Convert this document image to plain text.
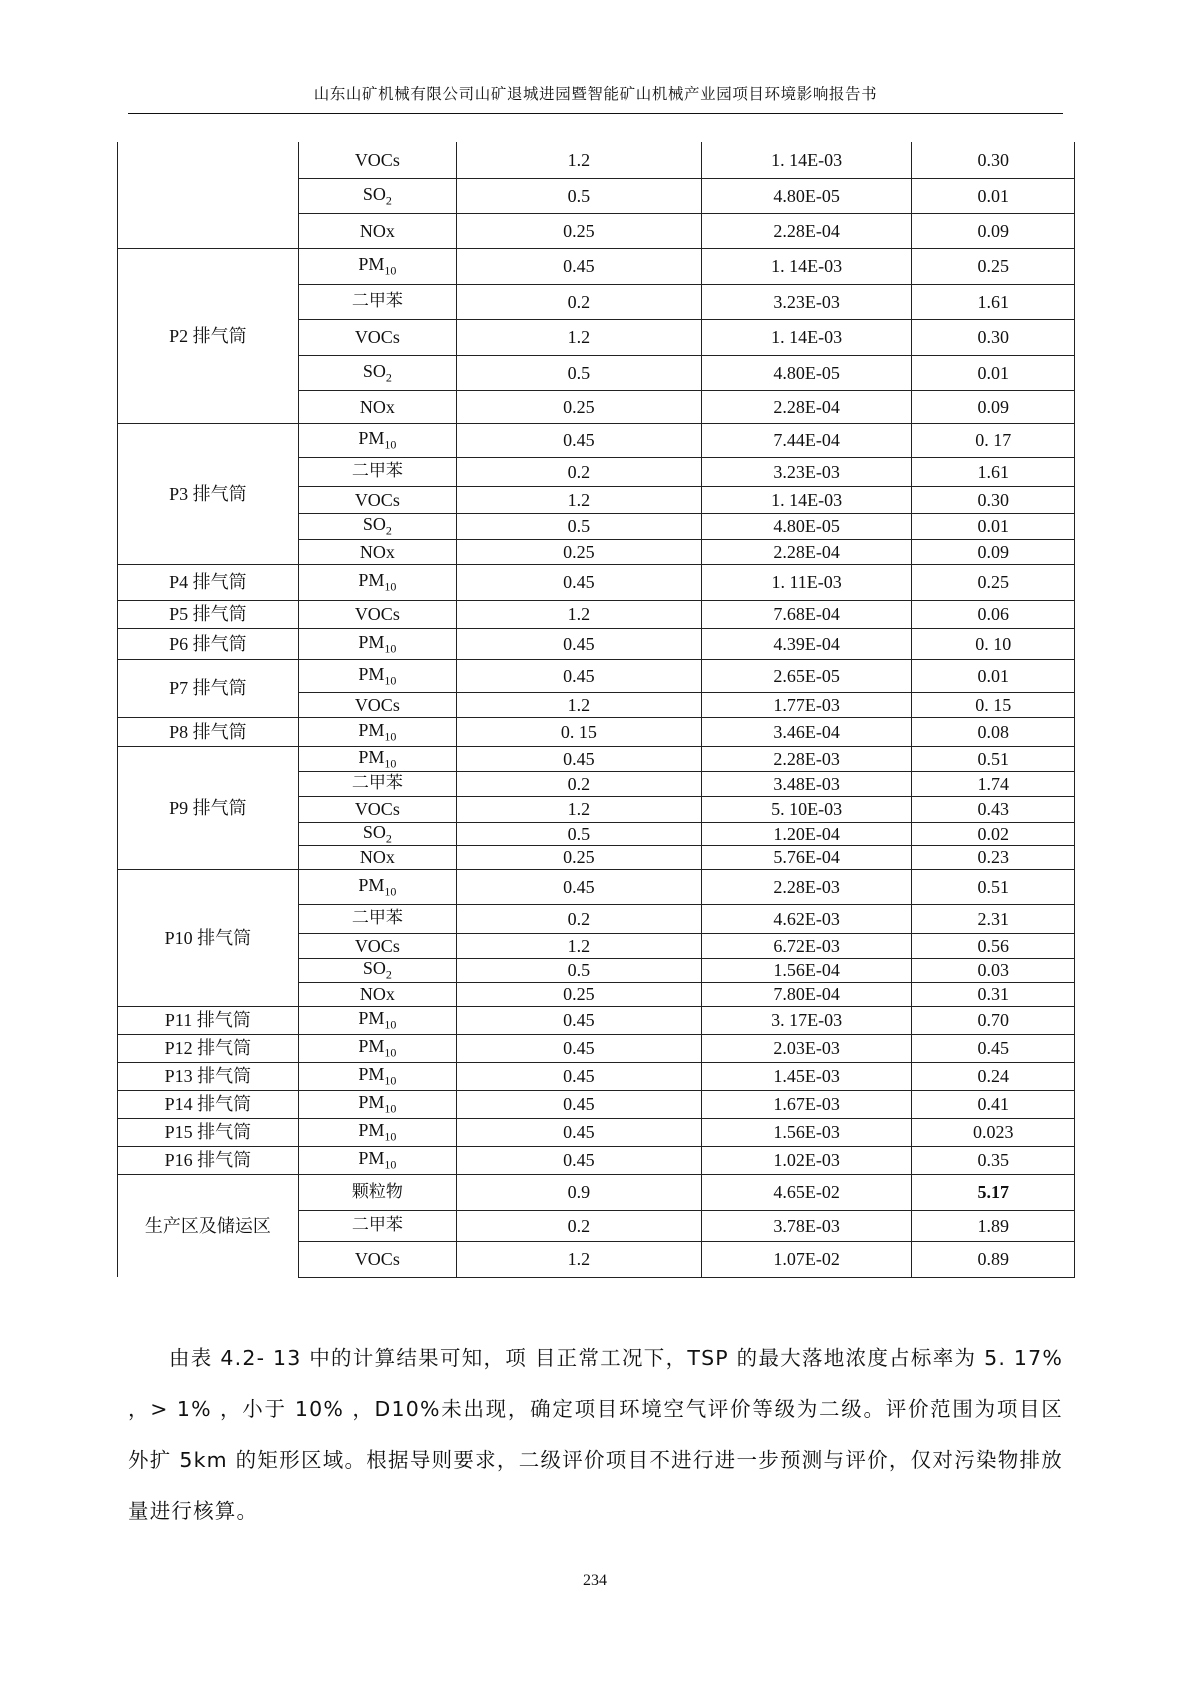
山东山矿机械有限公司山矿退城进园暨智能矿山机械产业园项目环境影响报告书
	VOCs	1.2	1. 14E-03	0.30
	$SO_2$	0.5	4.80E-05	0.01
	NOx	0.25	2.28E-04	0.09
P2 排气筒	$PM_{10}$	0.45	1. 14E-03	0.25
	二甲苯	0.2	3.23E-03	1.61
	VOCs	1.2	1. 14E-03	0.30
	$SO_2$	0.5	4.80E-05	0.01
	NOx	0.25	2.28E-04	0.09
P3 排气筒	$PM_{10}$	0.45	7.44E-04	0. 17
	二甲苯	0.2	3.23E-03	1.61
	VOCs	1.2	1. 14E-03	0.30
	$SO_2$	0.5	4.80E-05	0.01
	NOx	0.25	2.28E-04	0.09
P4 排气筒	$PM_{10}$	0.45	1. 11E-03	0.25
P5 排气筒	VOCs	1.2	7.68E-04	0.06
P6 排气筒	$PM_{10}$	0.45	4.39E-04	0. 10
P7 排气筒	$PM_{10}$	0.45	2.65E-05	0.01
	VOCs	1.2	1.77E-03	0. 15
P8 排气筒	$PM_{10}$	0. 15	3.46E-04	0.08
P9 排气筒	$PM_{10}$	0.45	2.28E-03	0.51
	二甲苯	0.2	3.48E-03	1.74
	VOCs	1.2	5. 10E-03	0.43
	$SO_2$	0.5	1.20E-04	0.02
	NOx	0.25	5.76E-04	0.23
P10 排气筒	$PM_{10}$	0.45	2.28E-03	0.51
	二甲苯	0.2	4.62E-03	2.31
	VOCs	1.2	6.72E-03	0.56
	$SO_2$	0.5	1.56E-04	0.03
	NOx	0.25	7.80E-04	0.31
P11 排气筒	$PM_{10}$	0.45	3. 17E-03	0.70
P12 排气筒	$PM_{10}$	0.45	2.03E-03	0.45
P13 排气筒	$PM_{10}$	0.45	1.45E-03	0.24
P14 排气筒	$PM_{10}$	0.45	1.67E-03	0.41
P15 排气筒	$PM_{10}$	0.45	1.56E-03	0.023
P16 排气筒	$PM_{10}$	0.45	1.02E-03	0.35
生产区及储运区	颗粒物	0.9	4.65E-02	5.17
	二甲苯	0.2	3.78E-03	1.89
	VOCs	1.2	1.07E-02	0.89

由表 4.2- 13 中的计算结果可知，项 目正常工况下，TSP 的最大落地浓度占标率为 5. 17% ，> 1% ，小于 10% ，D10%未出现，确定项目环境空气评价等级为二级。评价范围为项目区外扩 5km 的矩形区域。根据导则要求，二级评价项目不进行进一步预测与评价，仅对污染物排放量进行核算。

234
